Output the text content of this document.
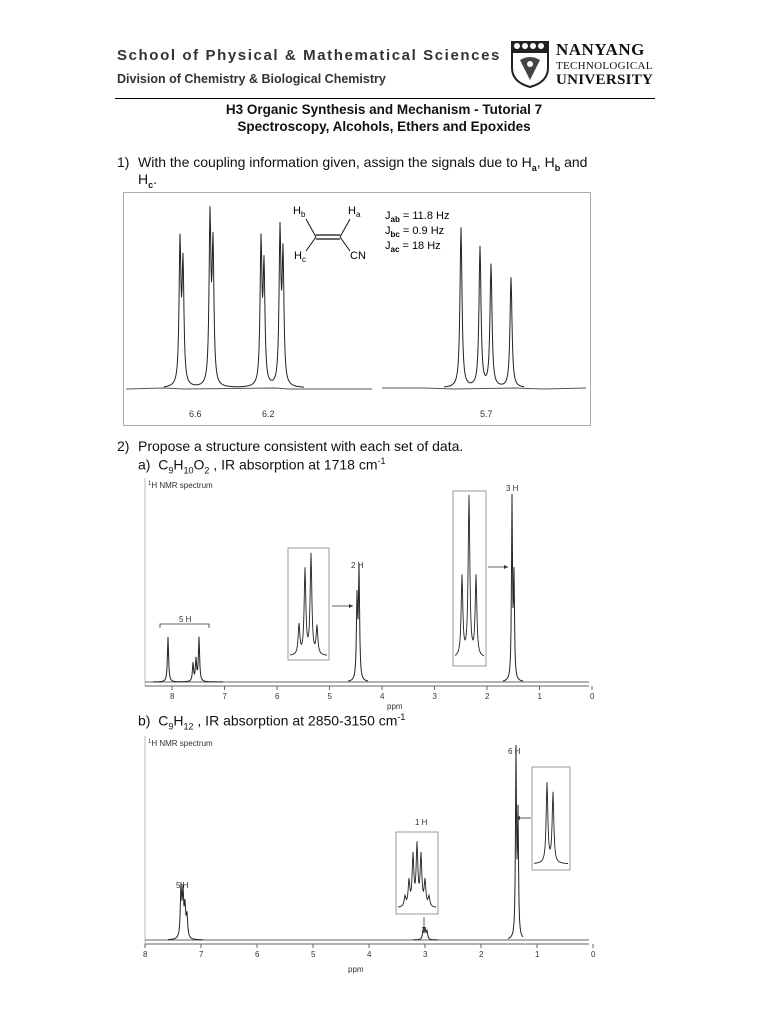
School of Physical & Mathematical Sciences
Division of Chemistry & Biological Chemistry
NANYANG
TECHNOLOGICAL
UNIVERSITY
H3 Organic Synthesis and Mechanism - Tutorial 7
Spectroscopy, Alcohols, Ethers and Epoxides
1) With the coupling information given, assign the signals due to $H_a$, $H_b$ and
$H_c$.
$H_b$	$H_a$
$H_c$	CN
$J_{ab} = 11.8$ Hz
$J_{bc} = 0.9$ Hz
$J_{ac} = 18$ Hz
6.6	6.2	5.7
2) Propose a structure consistent with each set of data.
a) $C_9H_{10}O_2$ , IR absorption at 1718 $cm^{-1}$
$^1$H NMR spectrum
8	7	6	5	4	3	2	1	0
ppm
5 H
2 H
3 H
b) $C_9H_{12}$ , IR absorption at 2850-3150 $cm^{-1}$
$^1$H NMR spectrum
8	7	6	5	4	3	2	1	0
ppm
5 H
1 H
6 H
